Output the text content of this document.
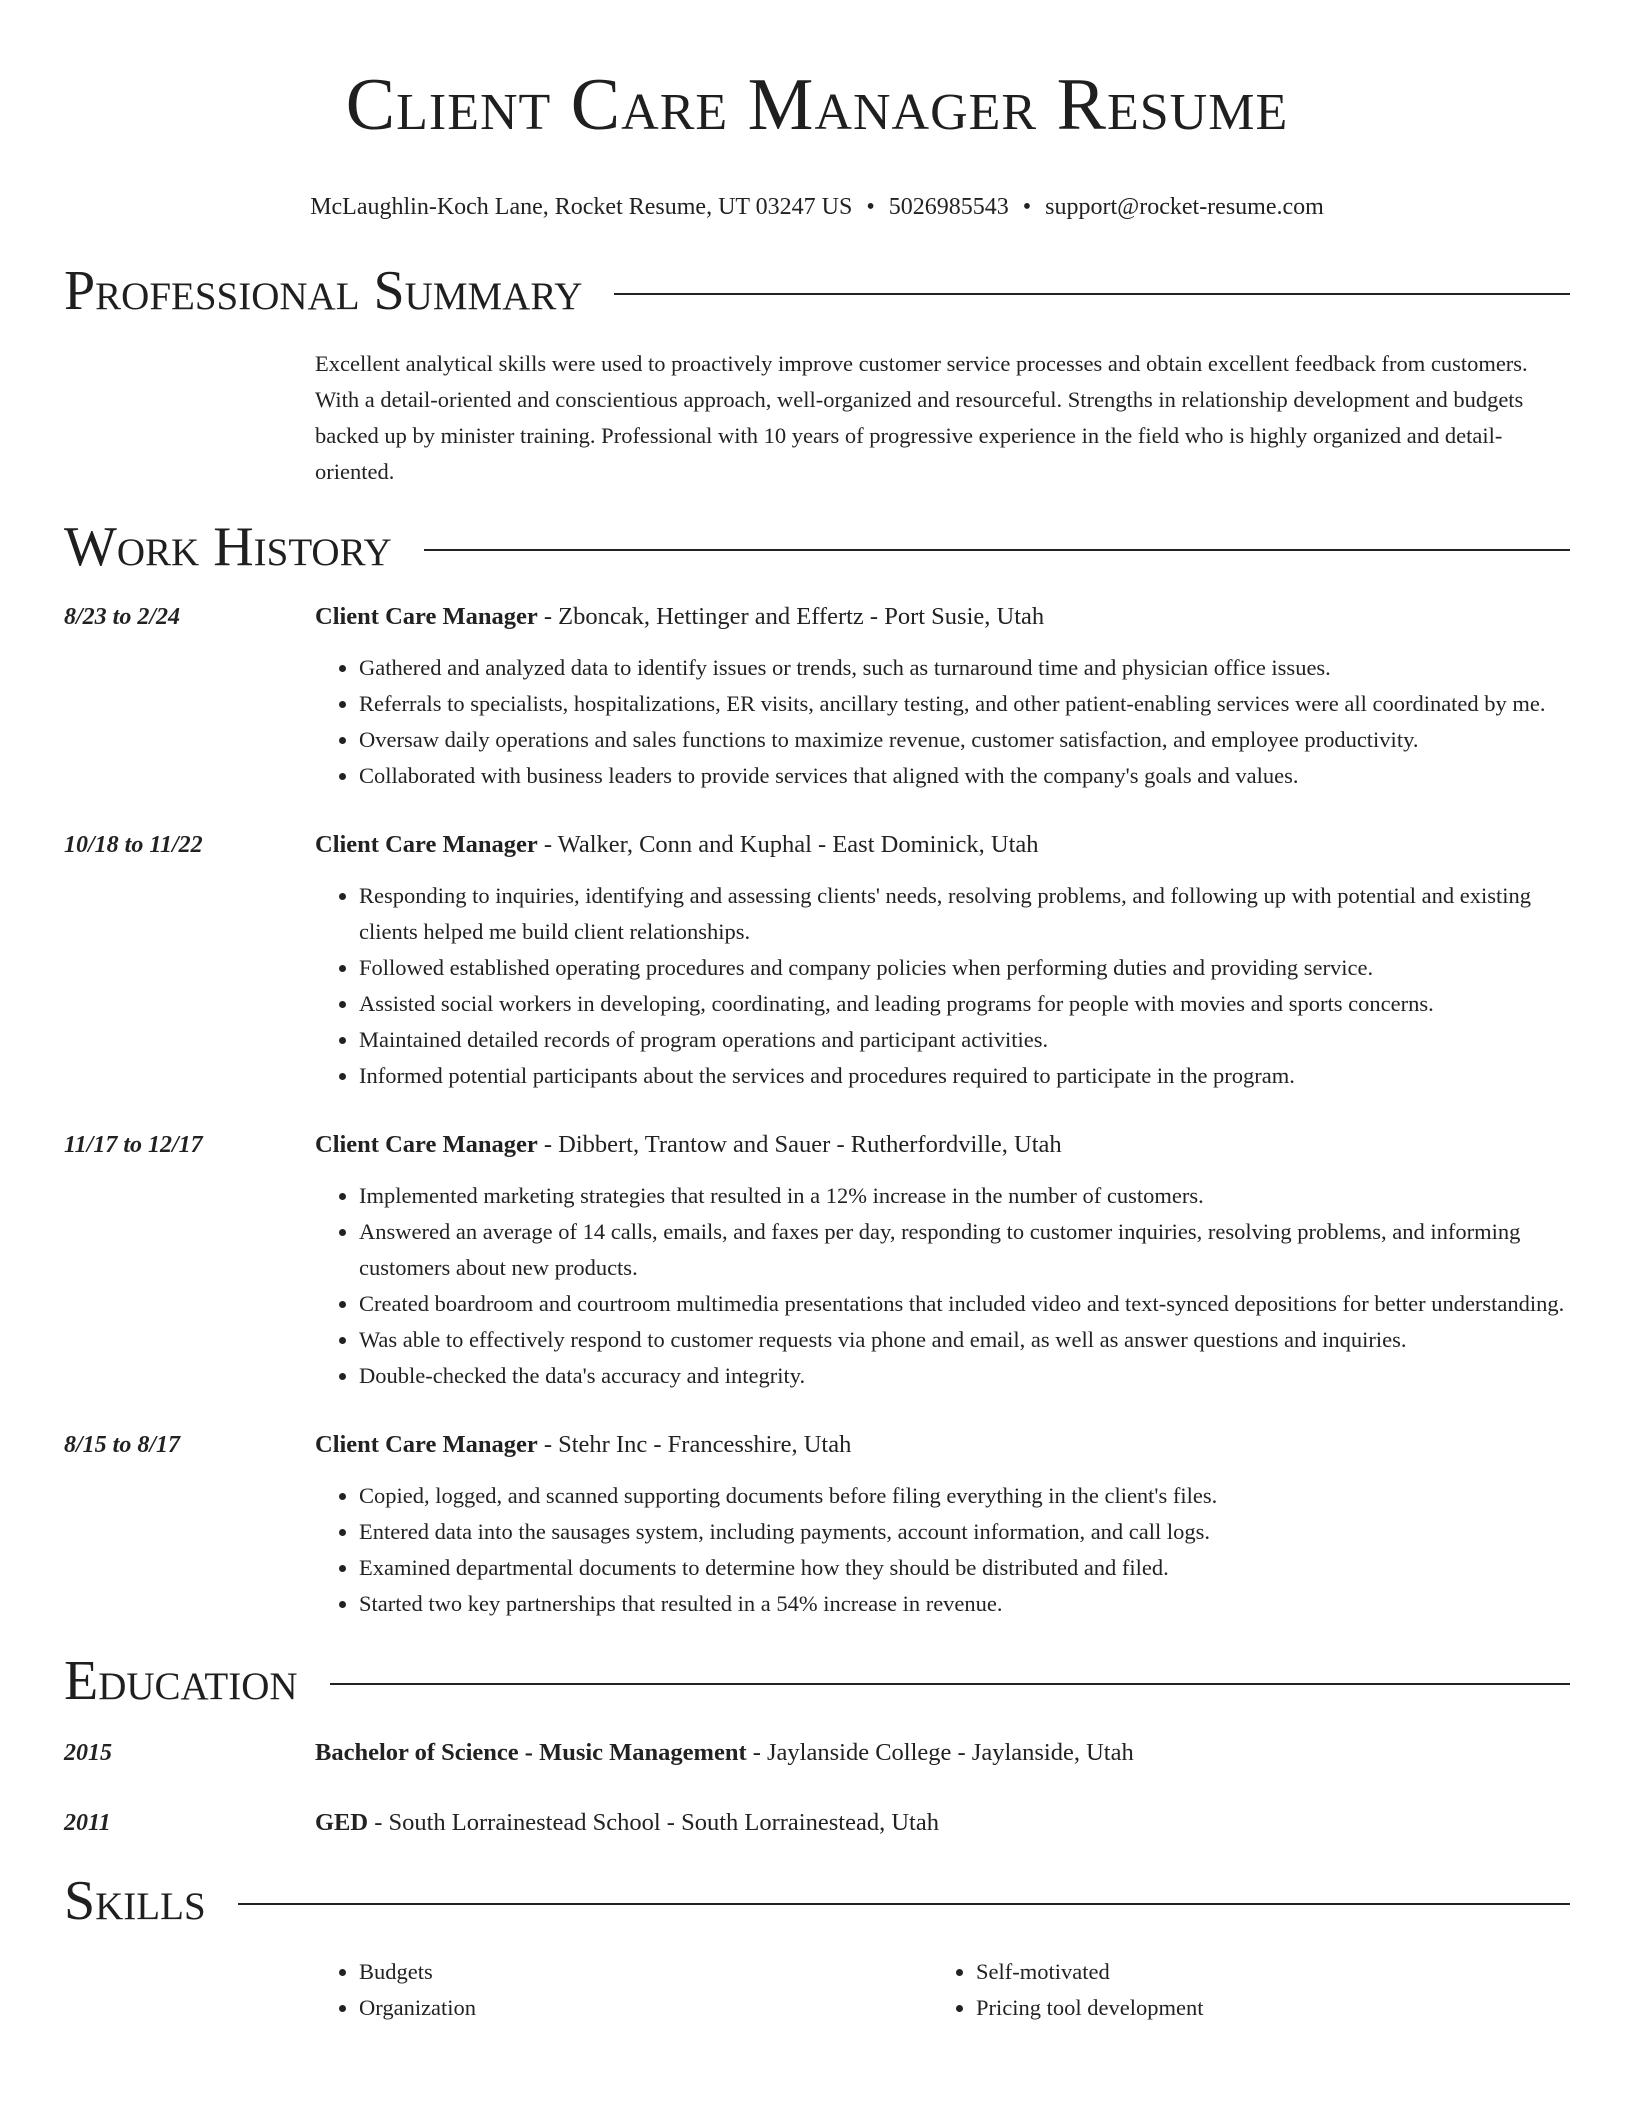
Client Care Manager Resume
McLaughlin-Koch Lane, Rocket Resume, UT 03247 US • 5026985543 • support@rocket-resume.com
Professional Summary
Excellent analytical skills were used to proactively improve customer service processes and obtain excellent feedback from customers. With a detail-oriented and conscientious approach, well-organized and resourceful. Strengths in relationship development and budgets backed up by minister training. Professional with 10 years of progressive experience in the field who is highly organized and detail-oriented.
Work History
8/23 to 2/24	Client Care Manager - Zboncak, Hettinger and Effertz - Port Susie, Utah
• Gathered and analyzed data to identify issues or trends, such as turnaround time and physician office issues.
• Referrals to specialists, hospitalizations, ER visits, ancillary testing, and other patient-enabling services were all coordinated by me.
• Oversaw daily operations and sales functions to maximize revenue, customer satisfaction, and employee productivity.
• Collaborated with business leaders to provide services that aligned with the company's goals and values.
10/18 to 11/22	Client Care Manager - Walker, Conn and Kuphal - East Dominick, Utah
• Responding to inquiries, identifying and assessing clients' needs, resolving problems, and following up with potential and existing clients helped me build client relationships.
• Followed established operating procedures and company policies when performing duties and providing service.
• Assisted social workers in developing, coordinating, and leading programs for people with movies and sports concerns.
• Maintained detailed records of program operations and participant activities.
• Informed potential participants about the services and procedures required to participate in the program.
11/17 to 12/17	Client Care Manager - Dibbert, Trantow and Sauer - Rutherfordville, Utah
• Implemented marketing strategies that resulted in a 12% increase in the number of customers.
• Answered an average of 14 calls, emails, and faxes per day, responding to customer inquiries, resolving problems, and informing customers about new products.
• Created boardroom and courtroom multimedia presentations that included video and text-synced depositions for better understanding.
• Was able to effectively respond to customer requests via phone and email, as well as answer questions and inquiries.
• Double-checked the data's accuracy and integrity.
8/15 to 8/17	Client Care Manager - Stehr Inc - Francesshire, Utah
• Copied, logged, and scanned supporting documents before filing everything in the client's files.
• Entered data into the sausages system, including payments, account information, and call logs.
• Examined departmental documents to determine how they should be distributed and filed.
• Started two key partnerships that resulted in a 54% increase in revenue.
Education
2015	Bachelor of Science - Music Management - Jaylanside College - Jaylanside, Utah
2011	GED - South Lorrainestead School - South Lorrainestead, Utah
Skills
• Budgets
• Organization
• Self-motivated
• Pricing tool development
